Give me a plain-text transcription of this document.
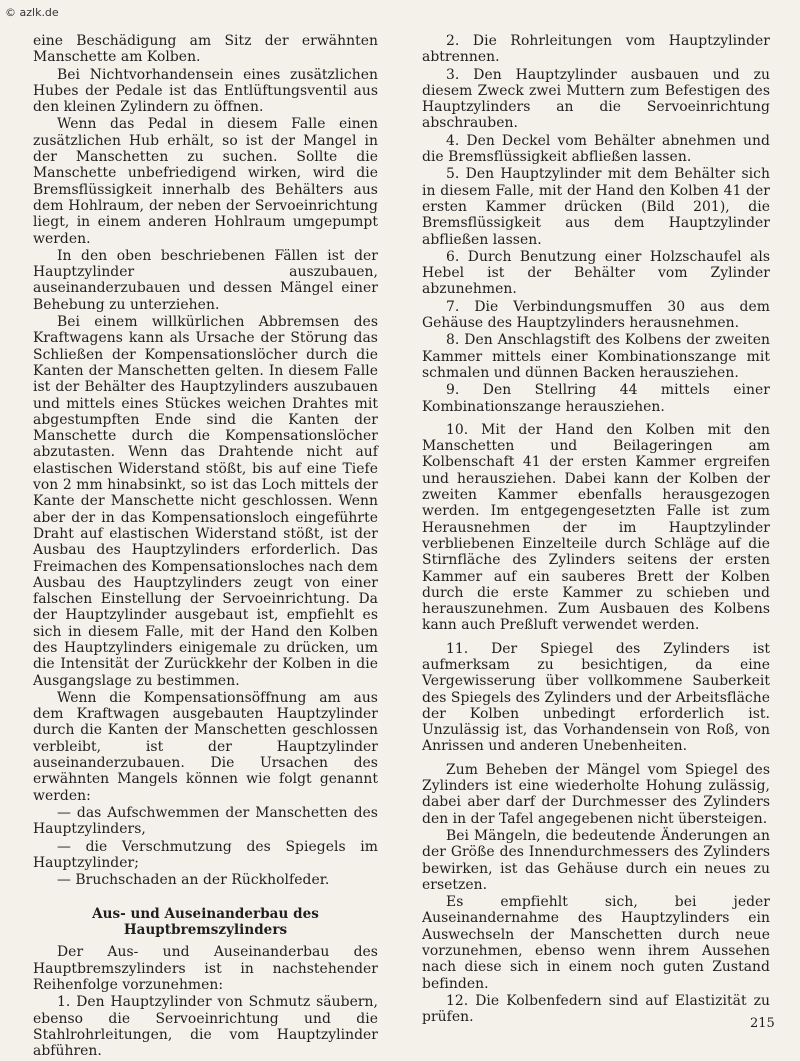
© azlk.de

eine Beschädigung am Sitz der erwähnten Manschette am Kolben.

Bei Nichtvorhandensein eines zusätzlichen Hubes der Pedale ist das Entlüftungsventil aus den kleinen Zylindern zu öffnen.

Wenn das Pedal in diesem Falle einen zusätzlichen Hub erhält, so ist der Mangel in der Manschetten zu suchen. Sollte die Manschette unbefriedigend wirken, wird die Bremsflüssigkeit innerhalb des Behälters aus dem Hohlraum, der neben der Servoeinrichtung liegt, in einem anderen Hohlraum umgepumpt werden.

In den oben beschriebenen Fällen ist der Hauptzylinder auszubauen, auseinanderzubauen und dessen Mängel einer Behebung zu unterziehen.

Bei einem willkürlichen Abbremsen des Kraftwagens kann als Ursache der Störung das Schließen der Kompensationslöcher durch die Kanten der Manschetten gelten. In diesem Falle ist der Behälter des Hauptzylinders auszubauen und mittels eines Stückes weichen Drahtes mit abgestumpften Ende sind die Kanten der Manschette durch die Kompensationslöcher abzutasten. Wenn das Drahtende nicht auf elastischen Widerstand stößt, bis auf eine Tiefe von 2 mm hinabsinkt, so ist das Loch mittels der Kante der Manschette nicht geschlossen. Wenn aber der in das Kompensationsloch eingeführte Draht auf elastischen Widerstand stößt, ist der Ausbau des Hauptzylinders erforderlich. Das Freimachen des Kompensationsloches nach dem Ausbau des Hauptzylinders zeugt von einer falschen Einstellung der Servoeinrichtung. Da der Hauptzylinder ausgebaut ist, empfiehlt es sich in diesem Falle, mit der Hand den Kolben des Hauptzylinders einigemale zu drücken, um die Intensität der Zurückkehr der Kolben in die Ausgangslage zu bestimmen.

Wenn die Kompensationsöffnung am aus dem Kraftwagen ausgebauten Hauptzylinder durch die Kanten der Manschetten geschlossen verbleibt, ist der Hauptzylinder auseinanderzubauen. Die Ursachen des erwähnten Mangels können wie folgt genannt werden:

— das Aufschwemmen der Manschetten des Hauptzylinders,

— die Verschmutzung des Spiegels im Hauptzylinder;

— Bruchschaden an der Rückholfeder.

Aus- und Auseinanderbau des Hauptbremszylinders

Der Aus- und Auseinanderbau des Hauptbremszylinders ist in nachstehender Reihenfolge vorzunehmen:

1. Den Hauptzylinder von Schmutz säubern, ebenso die Servoeinrichtung und die Stahlrohrleitungen, die vom Hauptzylinder abführen.

2. Die Rohrleitungen vom Hauptzylinder abtrennen.

3. Den Hauptzylinder ausbauen und zu diesem Zweck zwei Muttern zum Befestigen des Hauptzylinders an die Servoeinrichtung abschrauben.

4. Den Deckel vom Behälter abnehmen und die Bremsflüssigkeit abfließen lassen.

5. Den Hauptzylinder mit dem Behälter sich in diesem Falle, mit der Hand den Kolben 41 der ersten Kammer drücken (Bild 201), die Bremsflüssigkeit aus dem Hauptzylinder abfließen lassen.

6. Durch Benutzung einer Holzschaufel als Hebel ist der Behälter vom Zylinder abzunehmen.

7. Die Verbindungsmuffen 30 aus dem Gehäuse des Hauptzylinders herausnehmen.

8. Den Anschlagstift des Kolbens der zweiten Kammer mittels einer Kombinationszange mit schmalen und dünnen Backen herausziehen.

9. Den Stellring 44 mittels einer Kombinationszange herausziehen.

10. Mit der Hand den Kolben mit den Manschetten und Beilageringen am Kolbenschaft 41 der ersten Kammer ergreifen und herausziehen. Dabei kann der Kolben der zweiten Kammer ebenfalls herausgezogen werden. Im entgegengesetzten Falle ist zum Herausnehmen der im Hauptzylinder verbliebenen Einzelteile durch Schläge auf die Stirnfläche des Zylinders seitens der ersten Kammer auf ein sauberes Brett der Kolben durch die erste Kammer zu schieben und herauszunehmen. Zum Ausbauen des Kolbens kann auch Preßluft verwendet werden.

11. Der Spiegel des Zylinders ist aufmerksam zu besichtigen, da eine Vergewisserung über vollkommene Sauberkeit des Spiegels des Zylinders und der Arbeitsfläche der Kolben unbedingt erforderlich ist. Unzulässig ist, das Vorhandensein von Roß, von Anrissen und anderen Unebenheiten.

Zum Beheben der Mängel vom Spiegel des Zylinders ist eine wiederholte Hohung zulässig, dabei aber darf der Durchmesser des Zylinders den in der Tafel angegebenen nicht übersteigen.

Bei Mängeln, die bedeutende Änderungen an der Größe des Innendurchmessers des Zylinders bewirken, ist das Gehäuse durch ein neues zu ersetzen.

Es empfiehlt sich, bei jeder Auseinandernahme des Hauptzylinders ein Auswechseln der Manschetten durch neue vorzunehmen, ebenso wenn ihrem Aussehen nach diese sich in einem noch guten Zustand befinden.

12. Die Kolbenfedern sind auf Elastizität zu prüfen.	215
